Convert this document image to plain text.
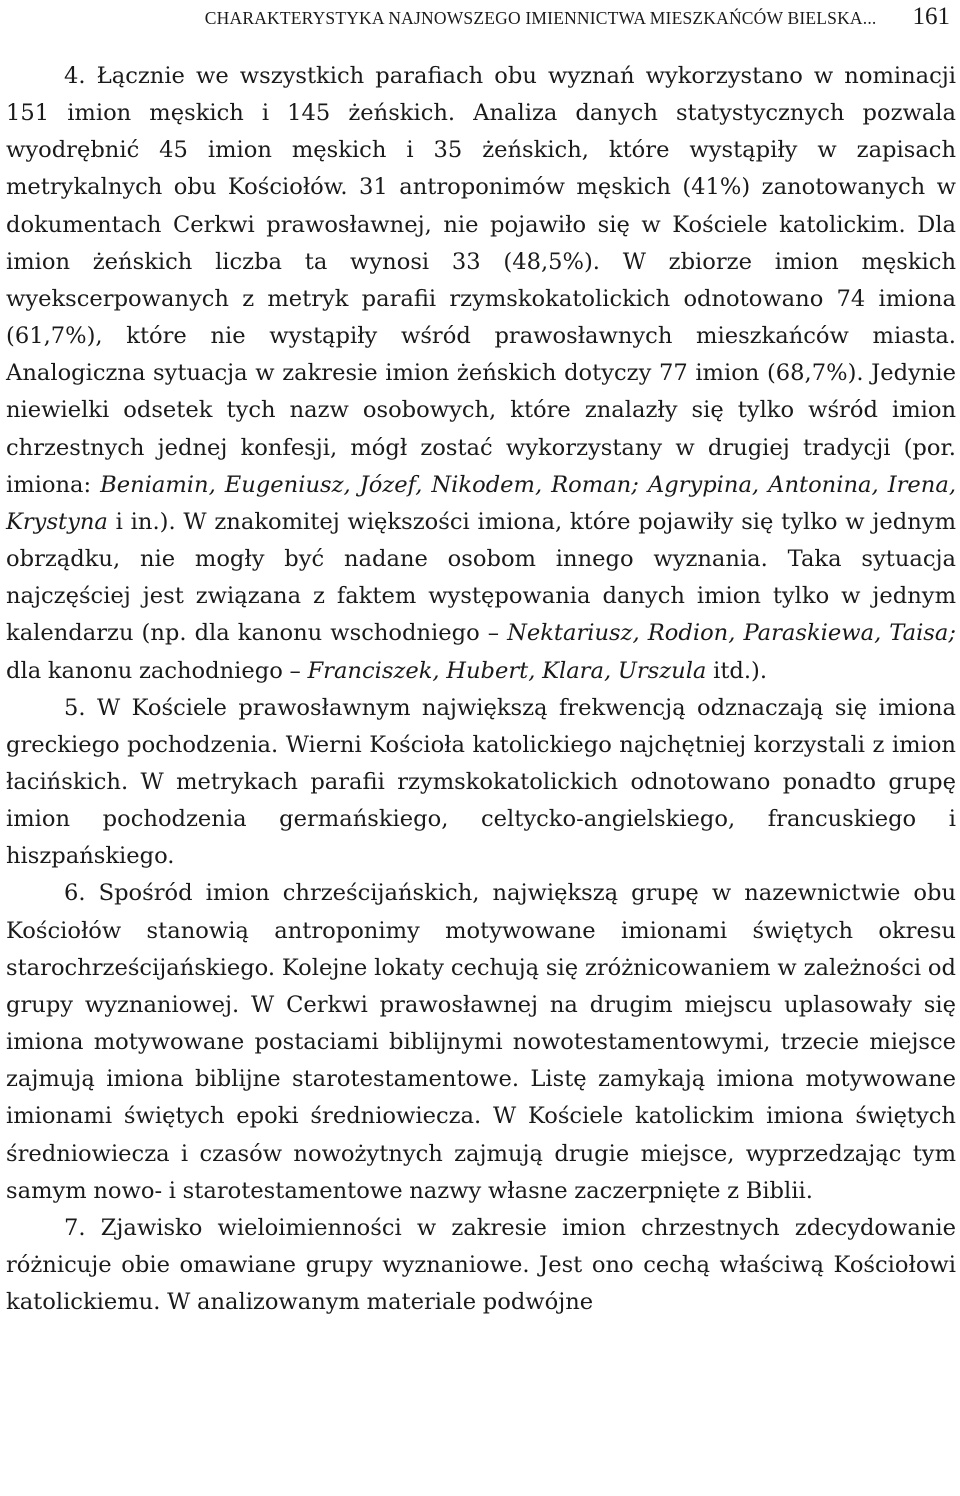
CHARAKTERYSTYKA NAJNOWSZEGO IMIENNICTWA MIESZKAŃCÓW BIELSKA... 161

4. Łącznie we wszystkich parafiach obu wyznań wykorzystano w nominacji 151 imion męskich i 145 żeńskich. Analiza danych statystycznych pozwala wyodrębnić 45 imion męskich i 35 żeńskich, które wystąpiły w zapisach metrykalnych obu Kościołów. 31 antroponimów męskich (41%) zanotowanych w dokumentach Cerkwi prawosławnej, nie pojawiło się w Kościele katolickim. Dla imion żeńskich liczba ta wynosi 33 (48,5%). W zbiorze imion męskich wyekscerpowanych z metryk parafii rzymskokatolickich odnotowano 74 imiona (61,7%), które nie wystąpiły wśród prawosławnych mieszkańców miasta. Analogiczna sytuacja w zakresie imion żeńskich dotyczy 77 imion (68,7%). Jedynie niewielki odsetek tych nazw osobowych, które znalazły się tylko wśród imion chrzestnych jednej konfesji, mógł zostać wykorzystany w drugiej tradycji (por. imiona: Beniamin, Eugeniusz, Józef, Nikodem, Roman; Agrypina, Antonina, Irena, Krystyna i in.). W znakomitej większości imiona, które pojawiły się tylko w jednym obrządku, nie mogły być nadane osobom innego wyznania. Taka sytuacja najczęściej jest związana z faktem występowania danych imion tylko w jednym kalendarzu (np. dla kanonu wschodniego – Nektariusz, Rodion, Paraskiewa, Taisa; dla kanonu zachodniego – Franciszek, Hubert, Klara, Urszula itd.).

5. W Kościele prawosławnym największą frekwencją odznaczają się imiona greckiego pochodzenia. Wierni Kościoła katolickiego najchętniej korzystali z imion łacińskich. W metrykach parafii rzymskokatolickich odnotowano ponadto grupę imion pochodzenia germańskiego, celtycko-angielskiego, francuskiego i hiszpańskiego.

6. Spośród imion chrześcijańskich, największą grupę w nazewnictwie obu Kościołów stanowią antroponimy motywowane imionami świętych okresu starochrześcijańskiego. Kolejne lokaty cechują się zróżnicowaniem w zależności od grupy wyznaniowej. W Cerkwi prawosławnej na drugim miejscu uplasowały się imiona motywowane postaciami biblijnymi nowotestamentowymi, trzecie miejsce zajmują imiona biblijne starotestamentowe. Listę zamykają imiona motywowane imionami świętych epoki średniowiecza. W Kościele katolickim imiona świętych średniowiecza i czasów nowożytnych zajmują drugie miejsce, wyprzedzając tym samym nowo- i starotestamentowe nazwy własne zaczerpnięte z Biblii.

7. Zjawisko wieloimienności w zakresie imion chrzestnych zdecydowanie różnicuje obie omawiane grupy wyznaniowe. Jest ono cechą właściwą Kościołowi katolickiemu. W analizowanym materiale podwójne
